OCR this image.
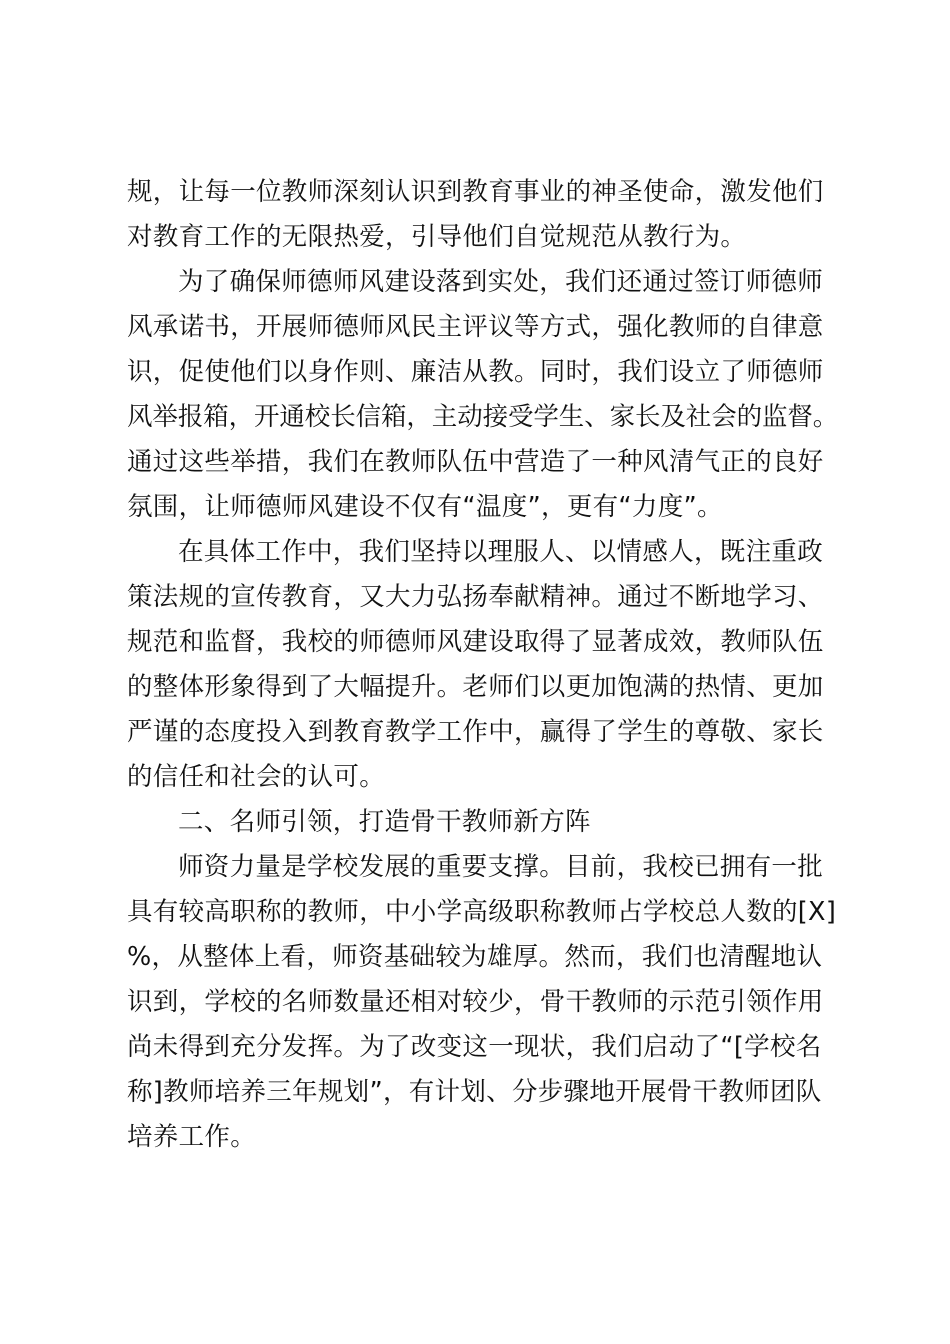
规，让每一位教师深刻认识到教育事业的神圣使命，激发他们
对教育工作的无限热爱，引导他们自觉规范从教行为。
为了确保师德师风建设落到实处，我们还通过签订师德师
风承诺书，开展师德师风民主评议等方式，强化教师的自律意
识，促使他们以身作则、廉洁从教。同时，我们设立了师德师
风举报箱，开通校长信箱，主动接受学生、家长及社会的监督。
通过这些举措，我们在教师队伍中营造了一种风清气正的良好
氛围，让师德师风建设不仅有“温度”，更有“力度”。
在具体工作中，我们坚持以理服人、以情感人，既注重政
策法规的宣传教育，又大力弘扬奉献精神。通过不断地学习、
规范和监督，我校的师德师风建设取得了显著成效，教师队伍
的整体形象得到了大幅提升。老师们以更加饱满的热情、更加
严谨的态度投入到教育教学工作中，赢得了学生的尊敬、家长
的信任和社会的认可。
二、名师引领，打造骨干教师新方阵
师资力量是学校发展的重要支撑。目前，我校已拥有一批
具有较高职称的教师，中小学高级职称教师占学校总人数的[X]
%，从整体上看，师资基础较为雄厚。然而，我们也清醒地认
识到，学校的名师数量还相对较少，骨干教师的示范引领作用
尚未得到充分发挥。为了改变这一现状，我们启动了“[学校名
称]教师培养三年规划”，有计划、分步骤地开展骨干教师团队
培养工作。
